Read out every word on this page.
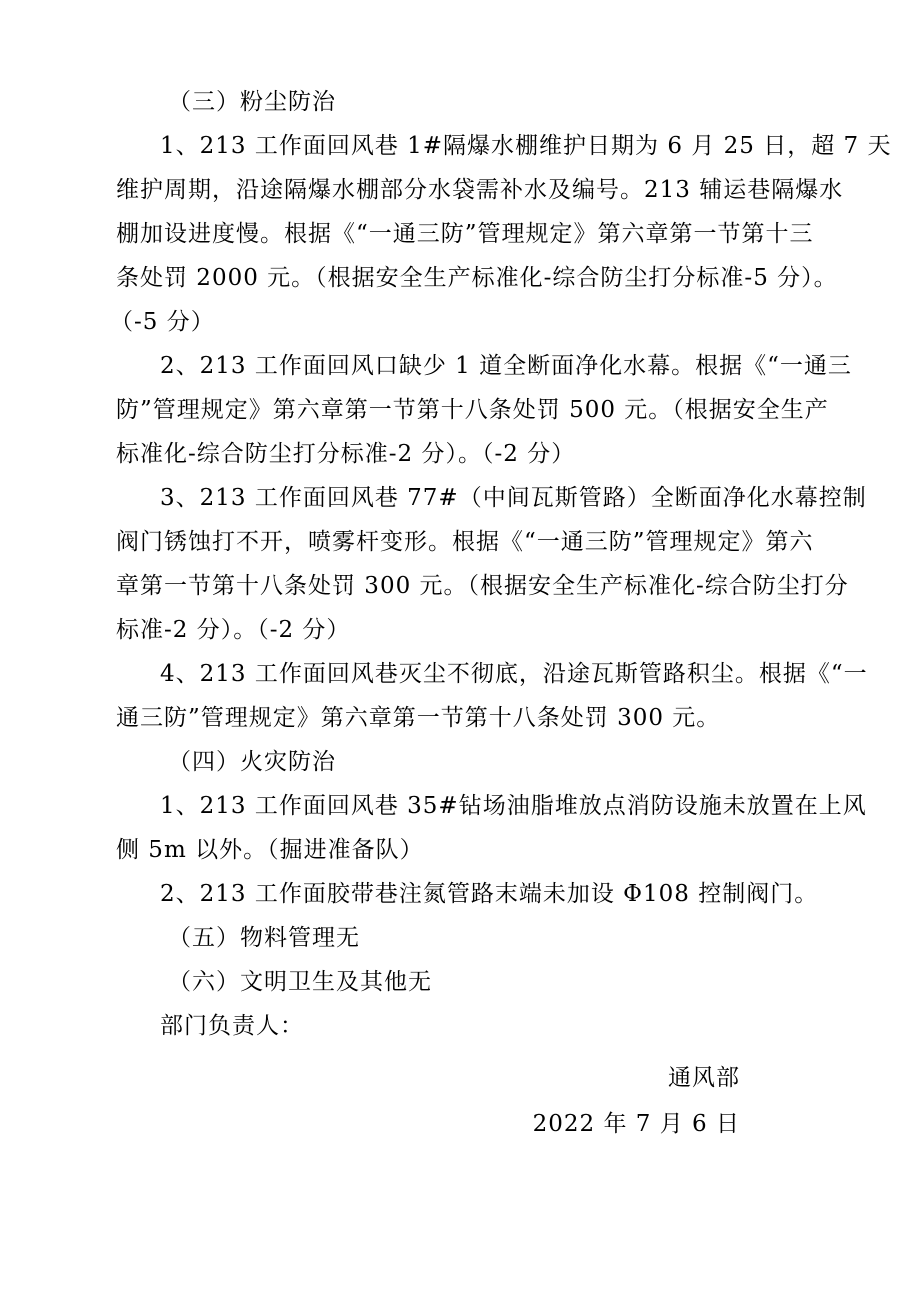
（三）粉尘防治
1、213 工作面回风巷 1#隔爆水棚维护日期为 6 月 25 日，超 7 天
维护周期，沿途隔爆水棚部分水袋需补水及编号。213 辅运巷隔爆水
棚加设进度慢。根据《“一通三防”管理规定》第六章第一节第十三
条处罚 2000 元。（根据安全生产标准化-综合防尘打分标准-5 分）。
（-5 分）
2、213 工作面回风口缺少 1 道全断面净化水幕。根据《“一通三
防”管理规定》第六章第一节第十八条处罚 500 元。（根据安全生产
标准化-综合防尘打分标准-2 分）。（-2 分）
3、213 工作面回风巷 77#（中间瓦斯管路）全断面净化水幕控制
阀门锈蚀打不开，喷雾杆变形。根据《“一通三防”管理规定》第六
章第一节第十八条处罚 300 元。（根据安全生产标准化-综合防尘打分
标准-2 分）。（-2 分）
4、213 工作面回风巷灭尘不彻底，沿途瓦斯管路积尘。根据《“一
通三防”管理规定》第六章第一节第十八条处罚 300 元。
（四）火灾防治
1、213 工作面回风巷 35#钻场油脂堆放点消防设施未放置在上风
侧 5m 以外。（掘进准备队）
2、213 工作面胶带巷注氮管路末端未加设 Φ108 控制阀门。
（五）物料管理无
（六）文明卫生及其他无
部门负责人：
通风部
2022 年 7 月 6 日
